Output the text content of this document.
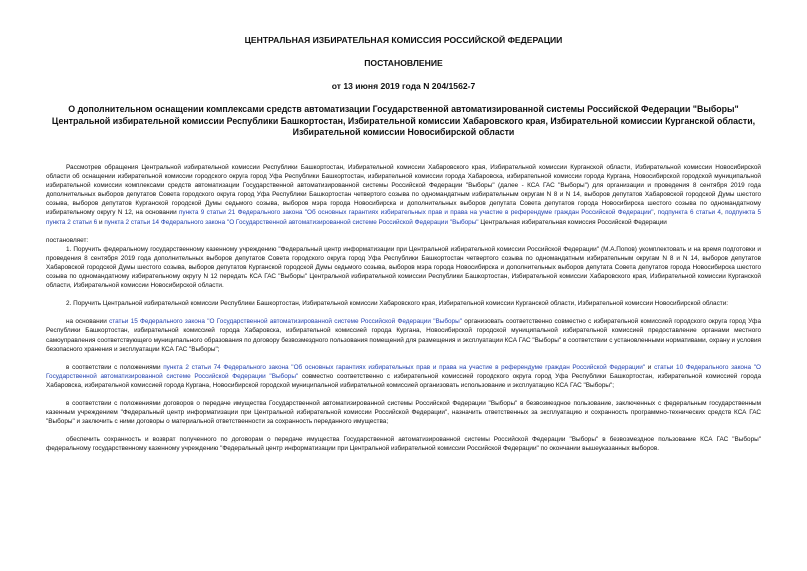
ЦЕНТРАЛЬНАЯ ИЗБИРАТЕЛЬНАЯ КОМИССИЯ РОССИЙСКОЙ ФЕДЕРАЦИИ
ПОСТАНОВЛЕНИЕ
от 13 июня 2019 года N 204/1562-7
О дополнительном оснащении комплексами средств автоматизации Государственной автоматизированной системы Российской Федерации "Выборы"
Центральной избирательной комиссии Республики Башкортостан, Избирательной комиссии Хабаровского края, Избирательной комиссии Курганской области,
Избирательной комиссии Новосибирской области

Рассмотрев обращения Центральной избирательной комиссии Республики Башкортостан, Избирательной комиссии Хабаровского края, Избирательной комиссии Курганской области, Избирательной комиссии Новосибирской области об оснащении избирательной комиссии городского округа город Уфа Республики Башкортостан, избирательной комиссии города Хабаровска, избирательной комиссии города Кургана, Новосибирской городской муниципальной избирательной комиссии комплексами средств автоматизации Государственной автоматизированной системы Российской Федерации "Выборы" (далее - КСА ГАС "Выборы") для организации и проведения 8 сентября 2019 года дополнительных выборов депутатов Совета городского округа город Уфа Республики Башкортостан четвертого созыва по одномандатным избирательным округам N 8 и N 14, выборов депутатов Хабаровской городской Думы шестого созыва, выборов депутатов Курганской городской Думы седьмого созыва, выборов мэра города Новосибирска и дополнительных выборов депутата Совета депутатов города Новосибирска шестого созыва по одномандатному избирательному округу N 12, на основании пункта 9 статьи 21 Федерального закона "Об основных гарантиях избирательных прав и права на участие в референдуме граждан Российской Федерации", подпункта 6 статьи 4, подпункта 5 пункта 2 статьи 6 и пункта 2 статьи 14 Федерального закона "О Государственной автоматизированной системе Российской Федерации "Выборы" Центральная избирательная комиссия Российской Федерации

постановляет:

1. Поручить федеральному государственному казенному учреждению "Федеральный центр информатизации при Центральной избирательной комиссии Российской Федерации" (М.А.Попов) укомплектовать и на время подготовки и проведения 8 сентября 2019 года дополнительных выборов депутатов Совета городского округа город Уфа Республики Башкортостан четвертого созыва по одномандатным избирательным округам N 8 и N 14, выборов депутатов Хабаровской городской Думы шестого созыва, выборов депутатов Курганской городской Думы седьмого созыва, выборов мэра города Новосибирска и дополнительных выборов депутата Совета депутатов города Новосибирска шестого созыва по одномандатному избирательному округу N 12 передать КСА ГАС "Выборы" Центральной избирательной комиссии Республики Башкортостан, Избирательной комиссии Хабаровского края, Избирательной комиссии Курганской области, Избирательной комиссии Новосибирской области.

2. Поручить Центральной избирательной комиссии Республики Башкортостан, Избирательной комиссии Хабаровского края, Избирательной комиссии Курганской области, Избирательной комиссии Новосибирской области:

на основании статьи 15 Федерального закона "О Государственной автоматизированной системе Российской Федерации "Выборы" организовать соответственно совместно с избирательной комиссией городского округа город Уфа Республики Башкортостан, избирательной комиссией города Хабаровска, избирательной комиссией города Кургана, Новосибирской городской муниципальной избирательной комиссией предоставление органами местного самоуправления соответствующего муниципального образования по договору безвозмездного пользования помещений для размещения и эксплуатации КСА ГАС "Выборы" в соответствии с установленными нормативами, охрану и условия безопасного хранения и эксплуатации КСА ГАС "Выборы";

в соответствии с положениями пункта 2 статьи 74 Федерального закона "Об основных гарантиях избирательных прав и права на участие в референдуме граждан Российской Федерации" и статьи 10 Федерального закона "О Государственной автоматизированной системе Российской Федерации "Выборы" совместно соответственно с избирательной комиссией городского округа город Уфа Республики Башкортостан, избирательной комиссией города Хабаровска, избирательной комиссией города Кургана, Новосибирской городской муниципальной избирательной комиссией организовать использование и эксплуатацию КСА ГАС "Выборы";

в соответствии с положениями договоров о передаче имущества Государственной автоматизированной системы Российской Федерации "Выборы" в безвозмездное пользование, заключенных с федеральным государственным казенным учреждением "Федеральный центр информатизации при Центральной избирательной комиссии Российской Федерации", назначить ответственных за эксплуатацию и сохранность программно-технических средств КСА ГАС "Выборы" и заключить с ними договоры о материальной ответственности за сохранность переданного имущества;

обеспечить сохранность и возврат полученного по договорам о передаче имущества Государственной автоматизированной системы Российской Федерации "Выборы" в безвозмездное пользование КСА ГАС "Выборы" федеральному государственному казенному учреждению "Федеральный центр информатизации при Центральной избирательной комиссии Российской Федерации" по окончании вышеуказанных выборов.
